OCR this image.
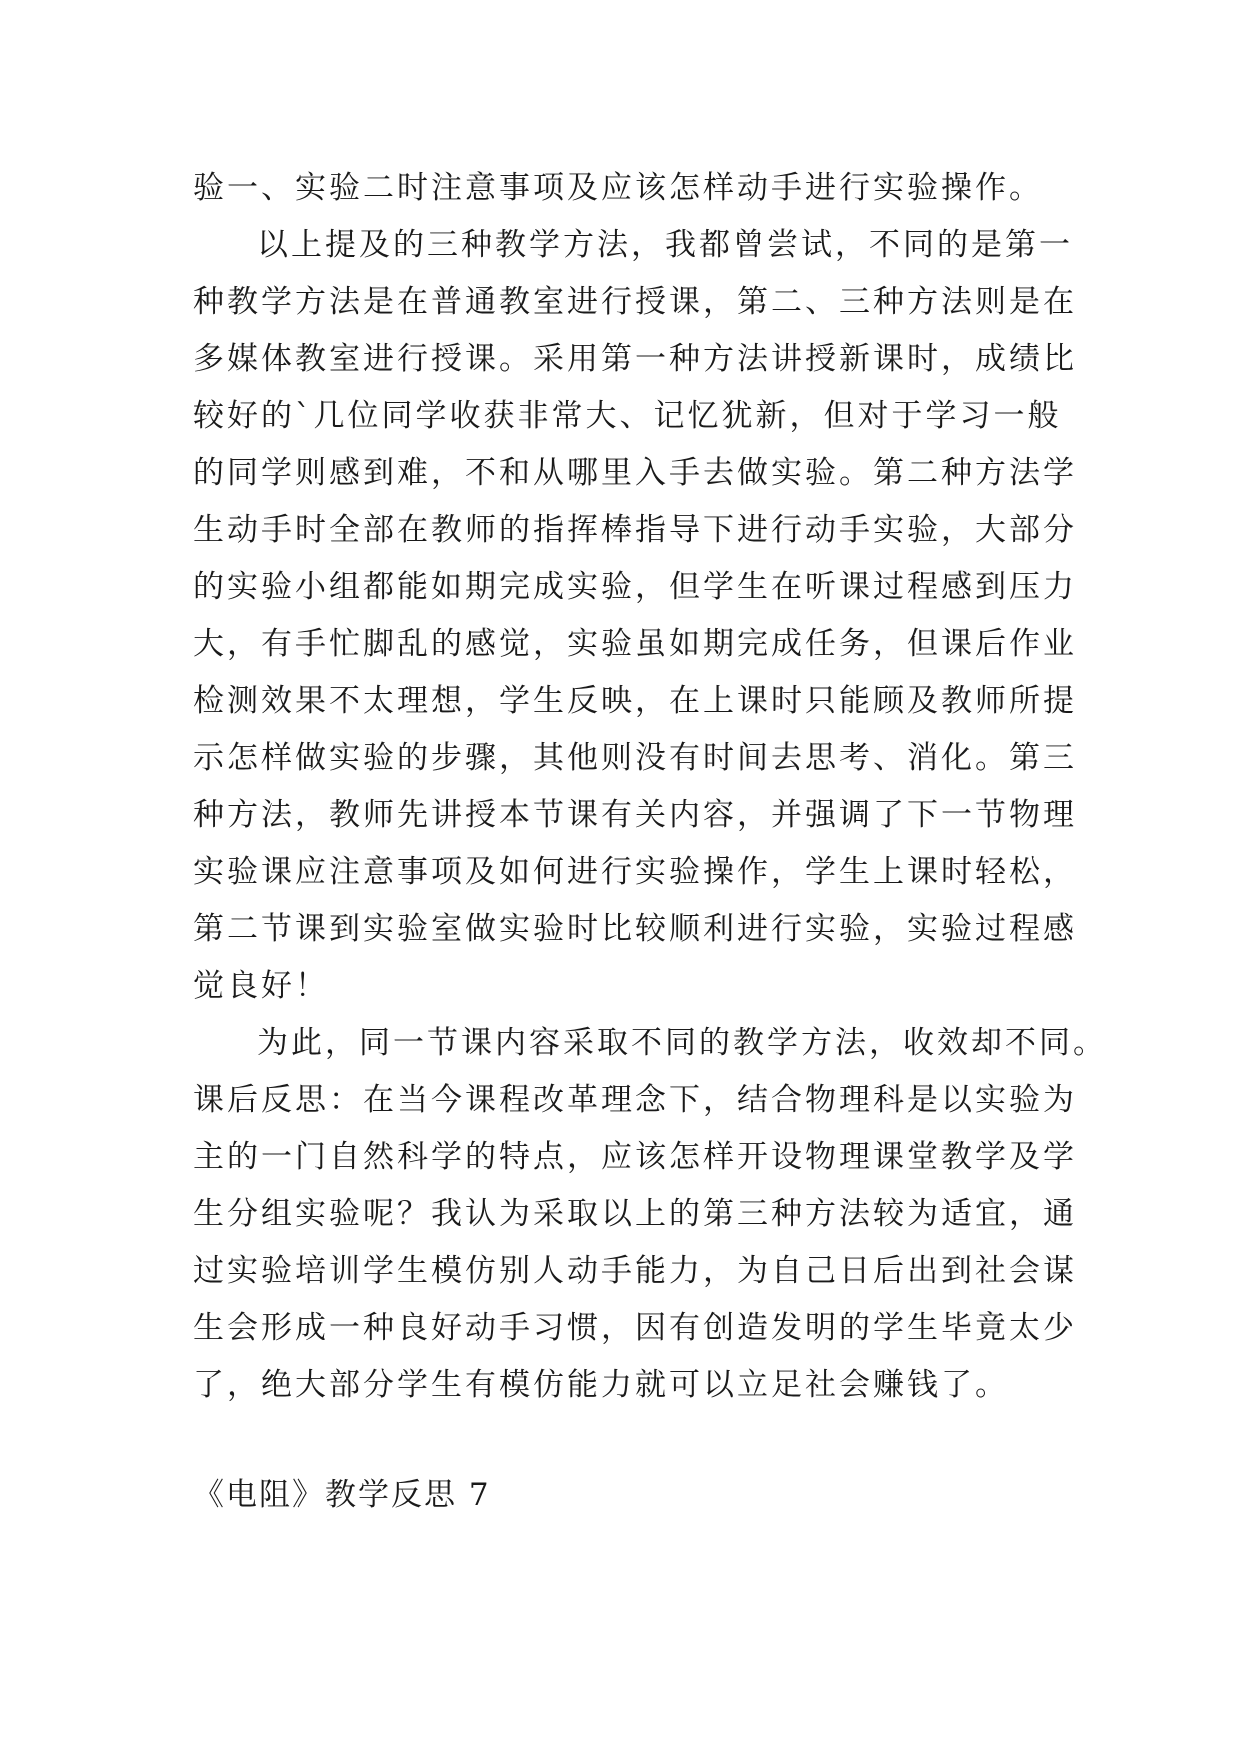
验一、实验二时注意事项及应该怎样动手进行实验操作。

以上提及的三种教学方法，我都曾尝试，不同的是第一
种教学方法是在普通教室进行授课，第二、三种方法则是在
多媒体教室进行授课。采用第一种方法讲授新课时，成绩比
较好的`几位同学收获非常大、记忆犹新，但对于学习一般
的同学则感到难，不和从哪里入手去做实验。第二种方法学
生动手时全部在教师的指挥棒指导下进行动手实验，大部分
的实验小组都能如期完成实验，但学生在听课过程感到压力
大，有手忙脚乱的感觉，实验虽如期完成任务，但课后作业
检测效果不太理想，学生反映，在上课时只能顾及教师所提
示怎样做实验的步骤，其他则没有时间去思考、消化。第三
种方法，教师先讲授本节课有关内容，并强调了下一节物理
实验课应注意事项及如何进行实验操作，学生上课时轻松，
第二节课到实验室做实验时比较顺利进行实验，实验过程感
觉良好！

为此，同一节课内容采取不同的教学方法，收效却不同。
课后反思：在当今课程改革理念下，结合物理科是以实验为
主的一门自然科学的特点，应该怎样开设物理课堂教学及学
生分组实验呢？我认为采取以上的第三种方法较为适宜，通
过实验培训学生模仿别人动手能力，为自己日后出到社会谋
生会形成一种良好动手习惯，因有创造发明的学生毕竟太少
了，绝大部分学生有模仿能力就可以立足社会赚钱了。

《电阻》教学反思 7
